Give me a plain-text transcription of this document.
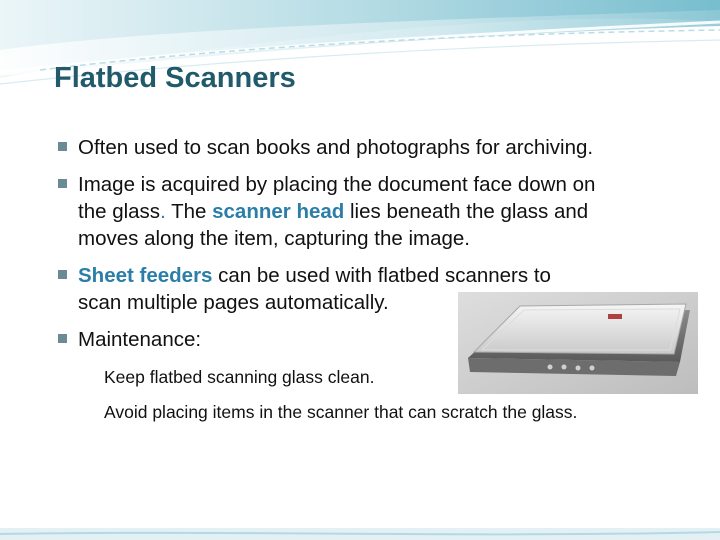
Flatbed Scanners
Often used to scan books and photographs for archiving.
Image is acquired by placing the document face down on
the glass. The scanner head lies beneath the glass and
moves along the item, capturing the image.
Sheet feeders can be used with flatbed scanners to
scan multiple pages automatically.
Maintenance:
Keep flatbed scanning glass clean.
Avoid placing items in the scanner that can scratch the glass.
